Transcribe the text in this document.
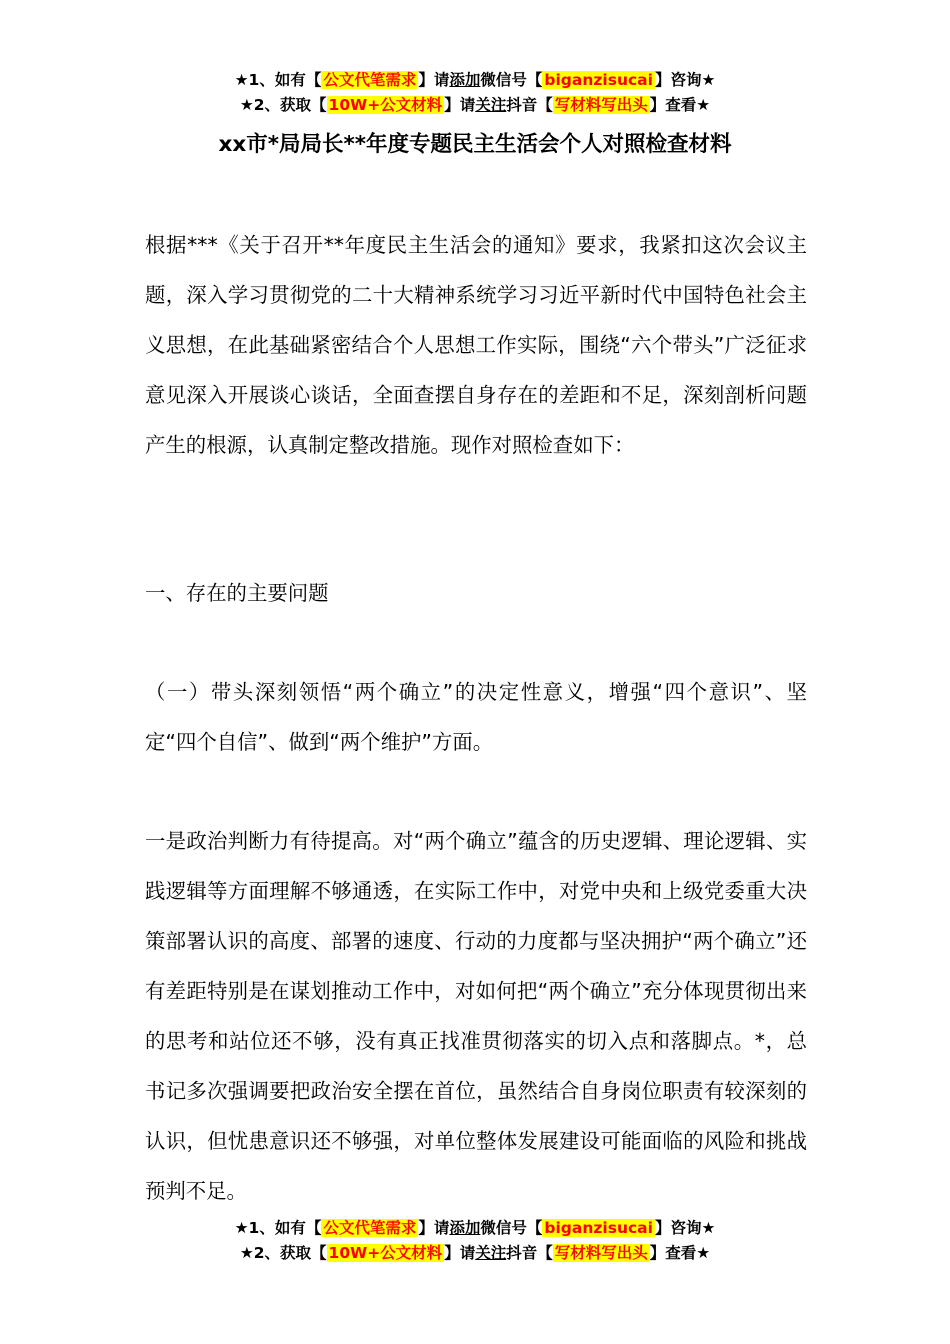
★1、如有【 公文代笔需求 】请添加微信号【 biganzisucai 】咨询★
★2、获取【 10W+公文材料 】请关注抖音【 写材料写出头 】查看★
xx市*局局长**年度专题民主生活会个人对照检查材料
根据***《关于召开**年度民主生活会的通知》要求，我紧扣这次会议主题，深入学习贯彻党的二十大精神系统学习习近平新时代中国特色社会主义思想，在此基础紧密结合个人思想工作实际，围绕“六个带头”广泛征求意见深入开展谈心谈话，全面查摆自身存在的差距和不足，深刻剖析问题产生的根源，认真制定整改措施。现作对照检查如下：
一、存在的主要问题
（一）带头深刻领悟“两个确立”的决定性意义，增强“四个意识”、坚定“四个自信”、做到“两个维护”方面。
一是政治判断力有待提高。对“两个确立”蕴含的历史逻辑、理论逻辑、实践逻辑等方面理解不够通透，在实际工作中，对党中央和上级党委重大决策部署认识的高度、部署的速度、行动的力度都与坚决拥护“两个确立”还有差距特别是在谋划推动工作中，对如何把“两个确立”充分体现贯彻出来的思考和站位还不够，没有真正找准贯彻落实的切入点和落脚点。*，总书记多次强调要把政治安全摆在首位，虽然结合自身岗位职责有较深刻的认识，但忧患意识还不够强，对单位整体发展建设可能面临的风险和挑战预判不足。
★1、如有【 公文代笔需求 】请添加微信号【 biganzisucai 】咨询★
★2、获取【 10W+公文材料 】请关注抖音【 写材料写出头 】查看★
